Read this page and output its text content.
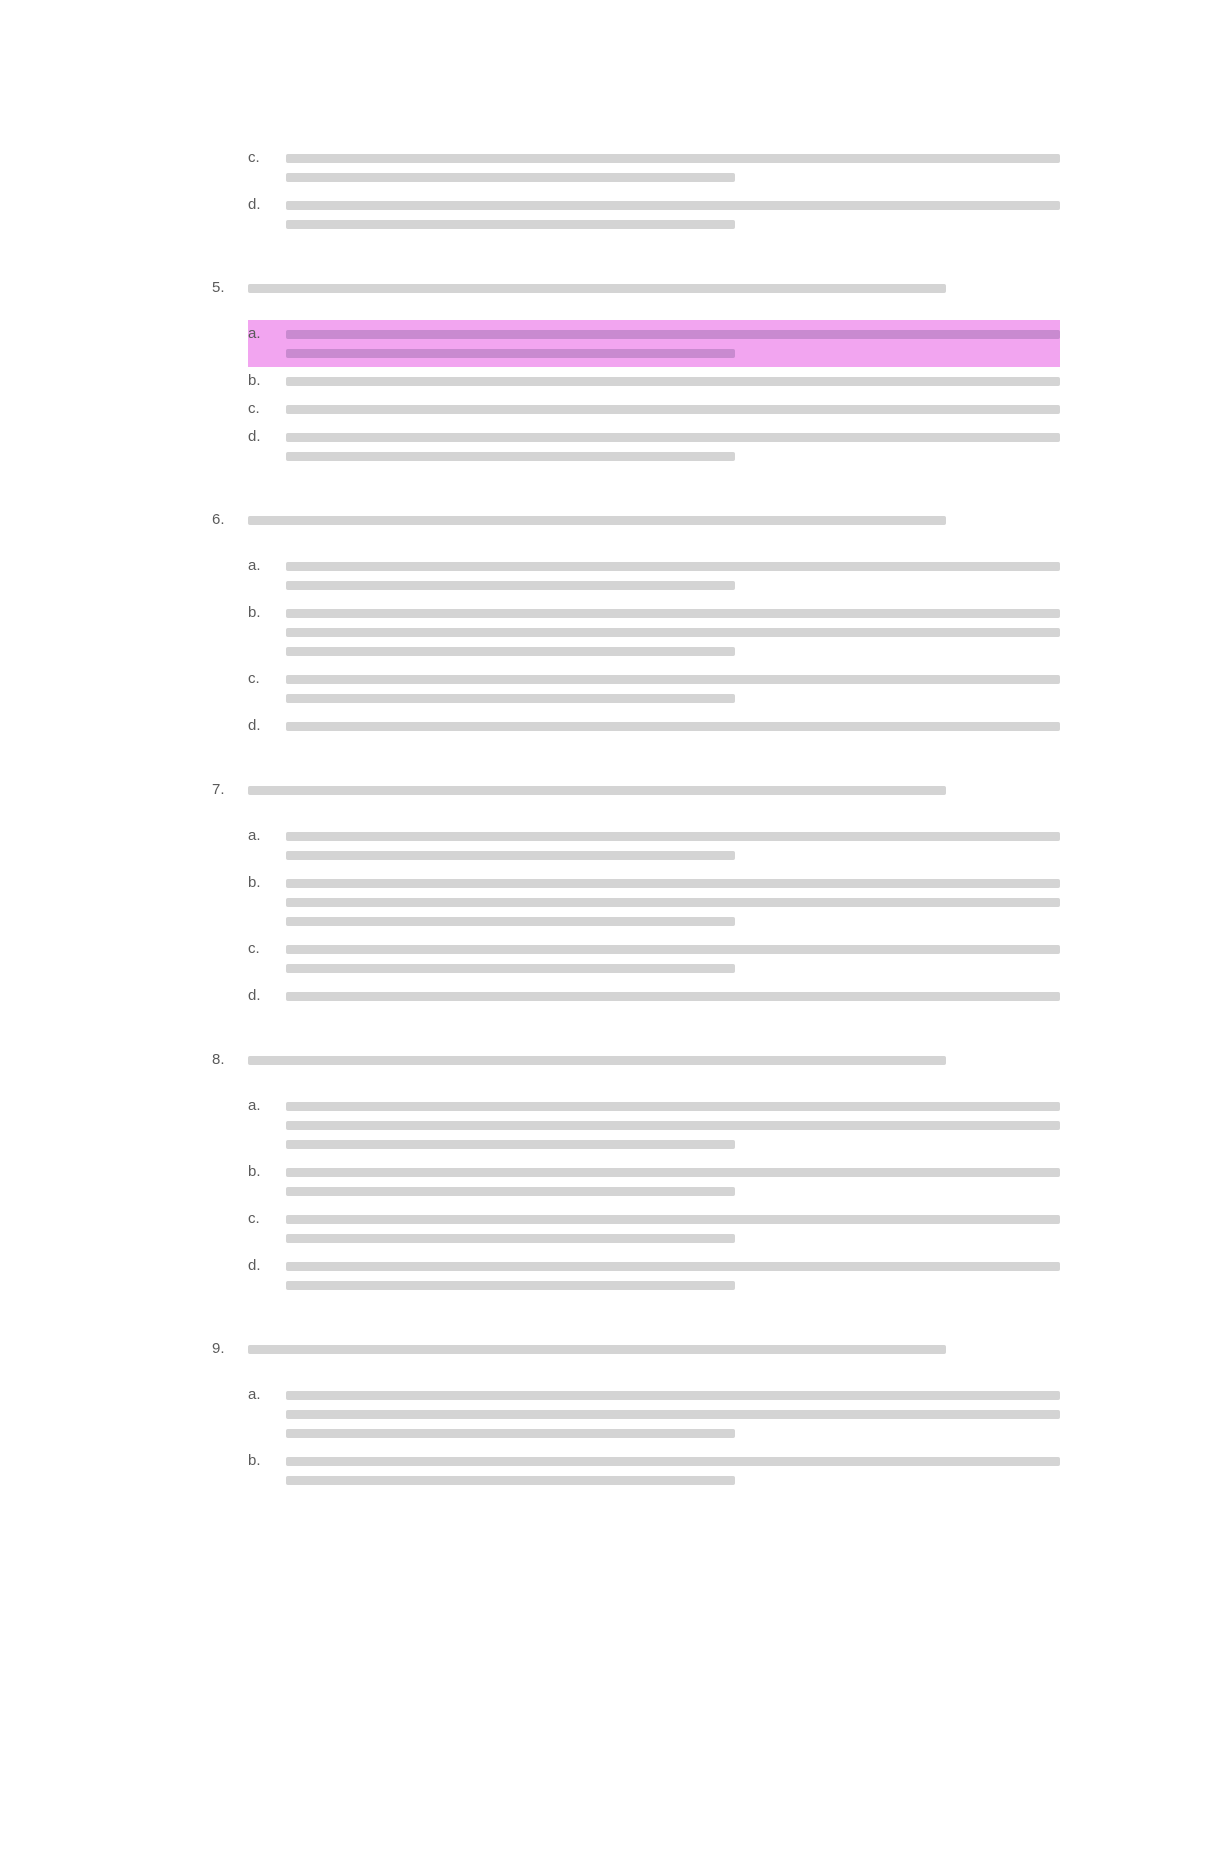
c.
d.
5.
a.
b.
c.
d.
6.
a.
b.
c.
d.
7.
a.
b.
c.
d.
8.
a.
b.
c.
d.
9.
a.
b.
